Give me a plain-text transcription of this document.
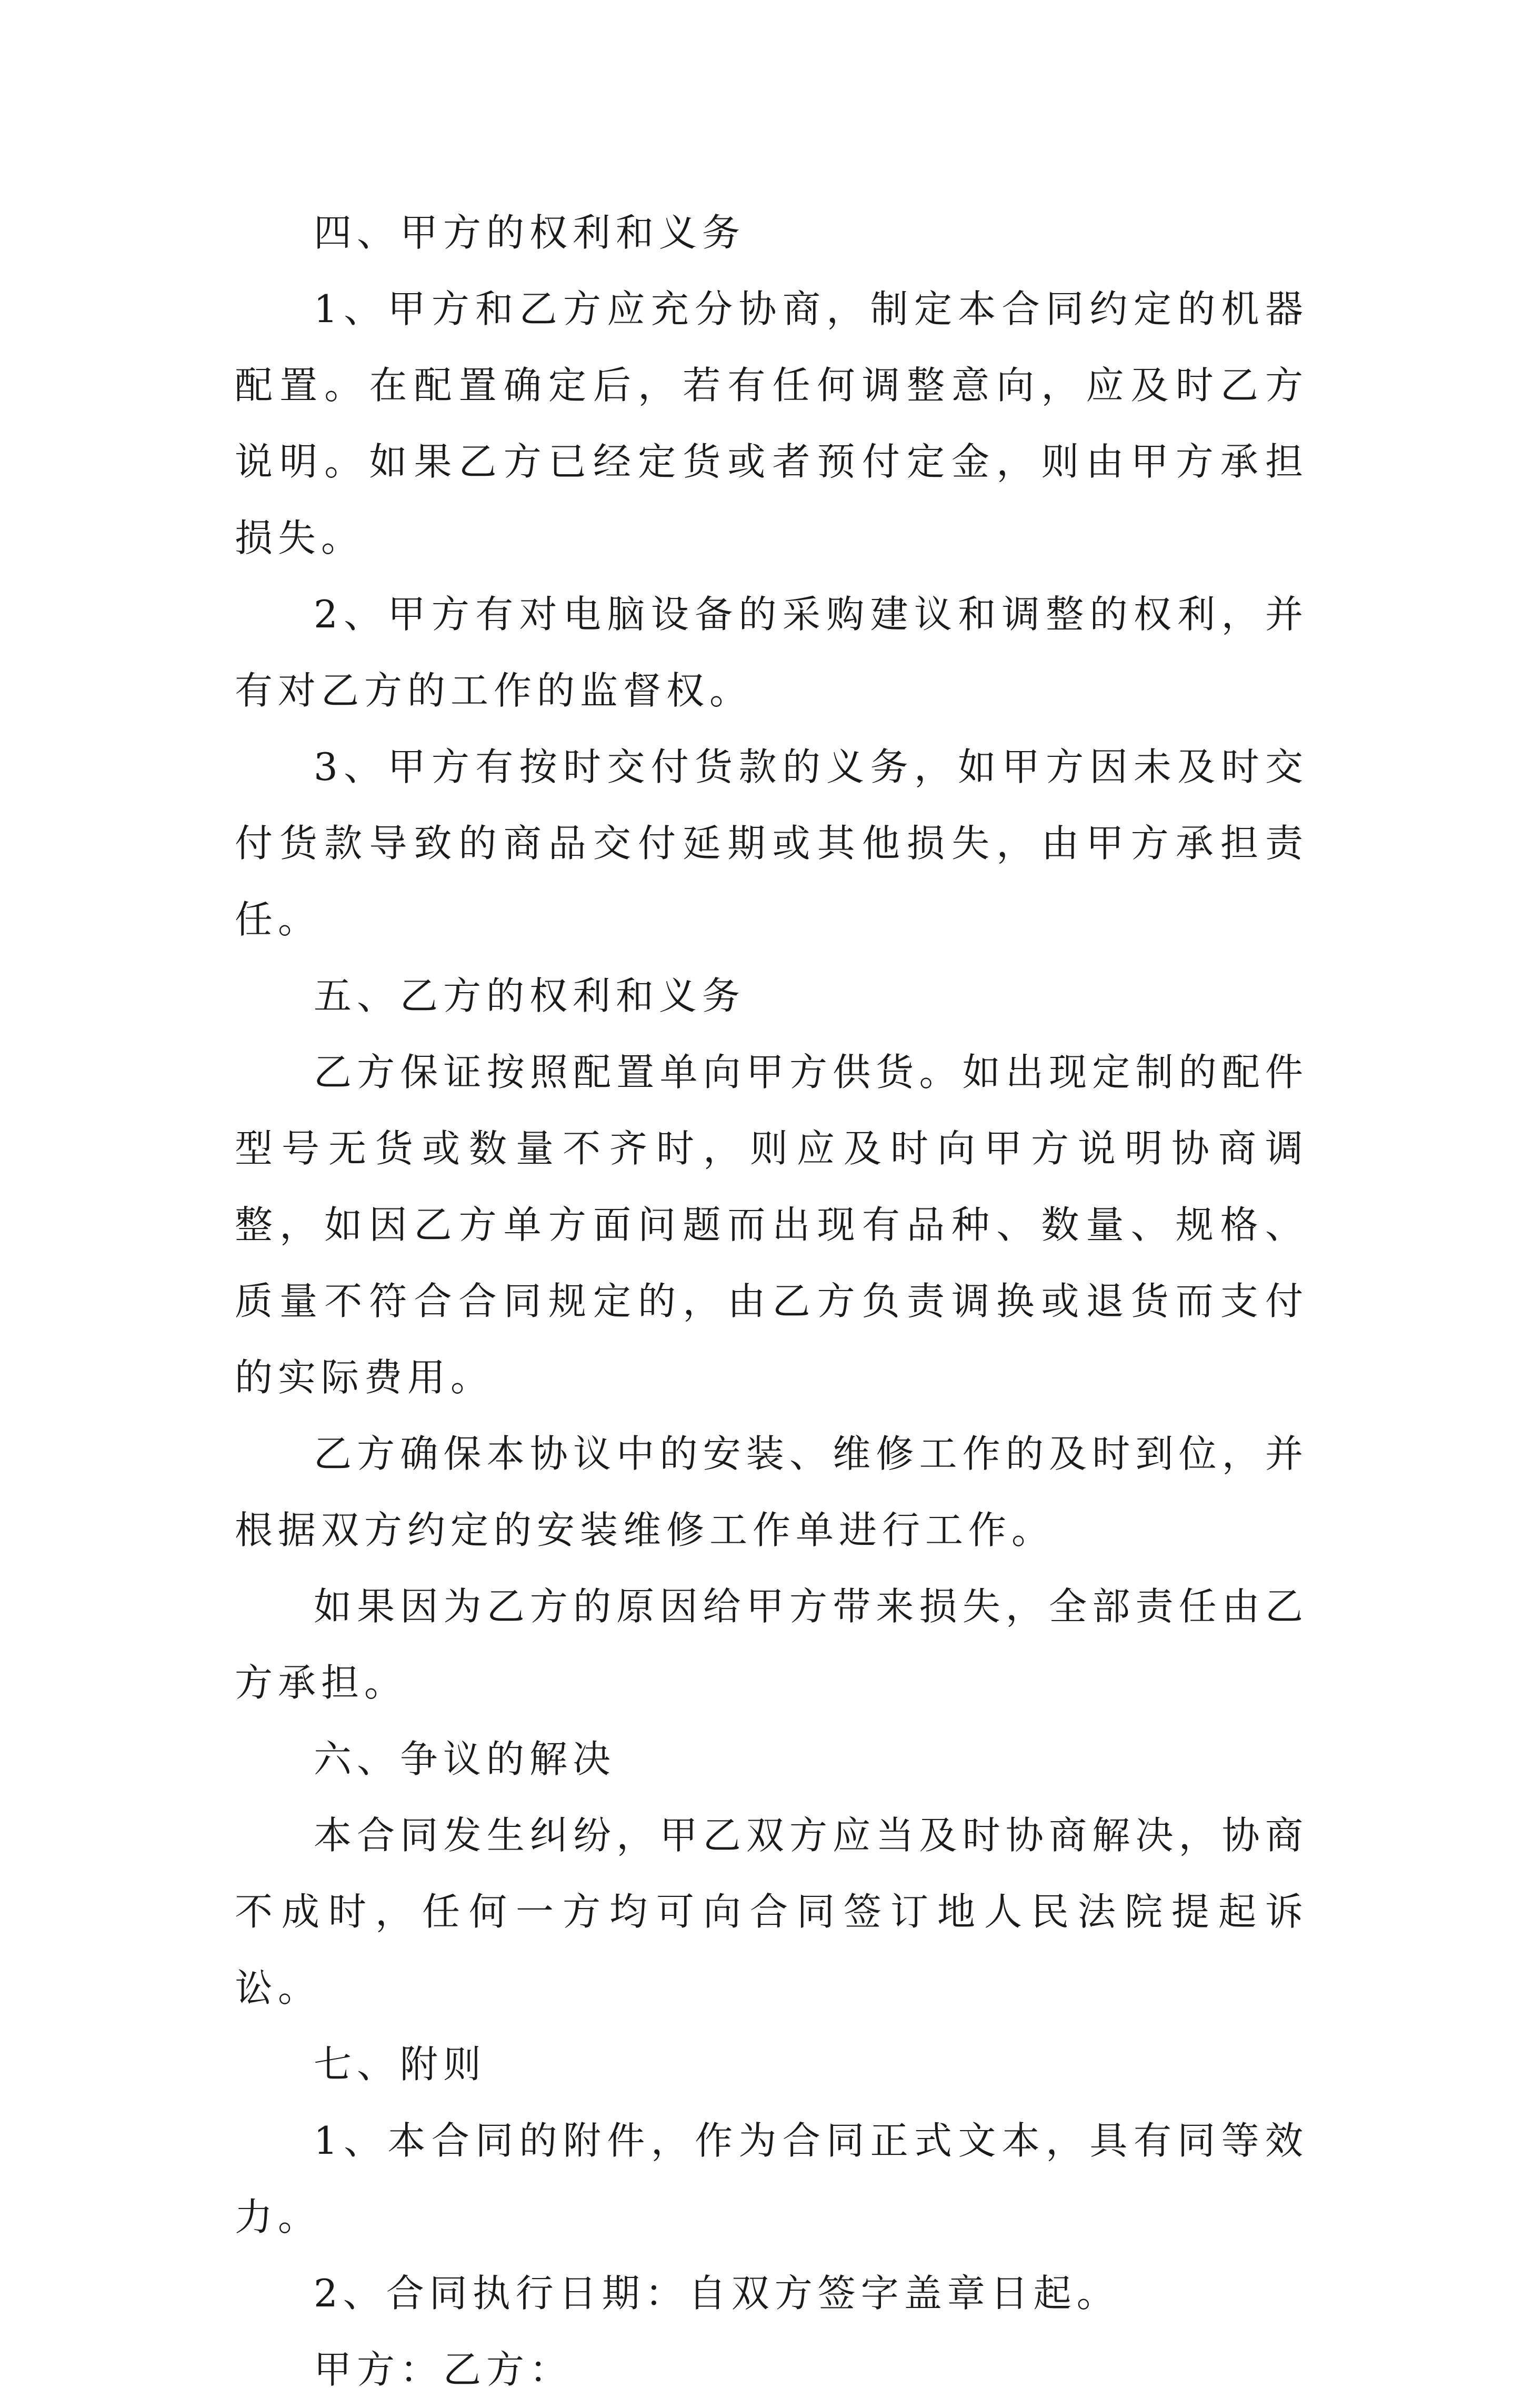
四、甲方的权利和义务

1、甲方和乙方应充分协商，制定本合同约定的机器配置。在配置确定后，若有任何调整意向，应及时乙方说明。如果乙方已经定货或者预付定金，则由甲方承担损失。

2、甲方有对电脑设备的采购建议和调整的权利，并有对乙方的工作的监督权。

3、甲方有按时交付货款的义务，如甲方因未及时交付货款导致的商品交付延期或其他损失，由甲方承担责任。

五、乙方的权利和义务

乙方保证按照配置单向甲方供货。如出现定制的配件型号无货或数量不齐时，则应及时向甲方说明协商调整，如因乙方单方面问题而出现有品种、数量、规格、质量不符合合同规定的，由乙方负责调换或退货而支付的实际费用。

乙方确保本协议中的安装、维修工作的及时到位，并根据双方约定的安装维修工作单进行工作。

如果因为乙方的原因给甲方带来损失，全部责任由乙方承担。

六、争议的解决

本合同发生纠纷，甲乙双方应当及时协商解决，协商不成时，任何一方均可向合同签订地人民法院提起诉讼。

七、附则

1、本合同的附件，作为合同正式文本，具有同等效力。

2、合同执行日期：自双方签字盖章日起。

甲方：乙方：
